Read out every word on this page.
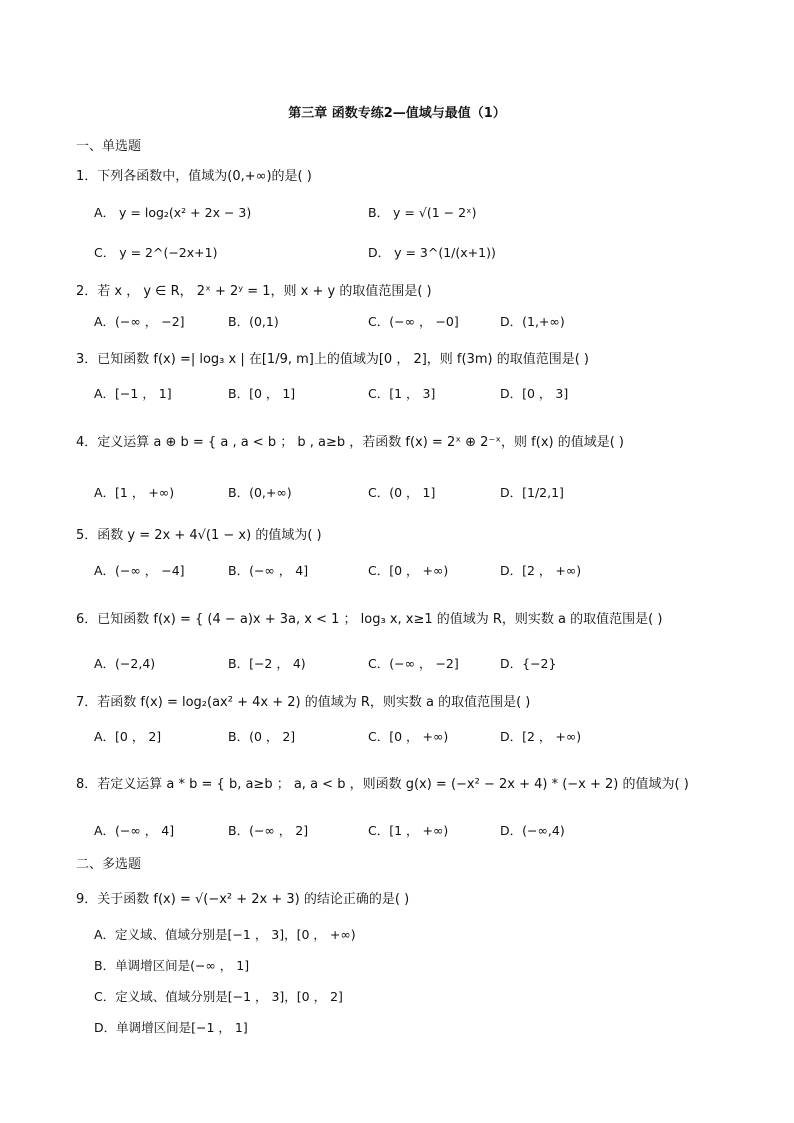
第三章 函数专练2—值域与最值（1）
一、单选题
1．下列各函数中，值域为(0,+∞)的是( )
A． y = log₂(x² + 2x − 3)	B． y = √(1 − 2ˣ)
C． y = 2^(−2x+1)	D． y = 3^(1/(x+1))
2．若 x ， y ∈ R， 2ˣ + 2ʸ = 1，则 x + y 的取值范围是( )
A．(−∞ ， −2]	B．(0,1)	C．(−∞ ， −0]	D．(1,+∞)
3．已知函数 f(x) =| log₃ x | 在[1/9, m]上的值域为[0 ， 2]，则 f(3m) 的取值范围是( )
A．[−1 ， 1]	B．[0 ， 1]	C．[1 ， 3]	D．[0 ， 3]
4．定义运算 a ⊕ b = { a , a < b ； b , a≥b ，若函数 f(x) = 2ˣ ⊕ 2⁻ˣ，则 f(x) 的值域是( )
A．[1 ， +∞)	B．(0,+∞)	C．(0 ， 1]	D．[1/2,1]
5．函数 y = 2x + 4√(1 − x) 的值域为( )
A．(−∞ ， −4]	B．(−∞ ， 4]	C．[0 ， +∞)	D．[2 ， +∞)
6．已知函数 f(x) = { (4 − a)x + 3a, x < 1 ； log₃ x, x≥1 的值域为 R，则实数 a 的取值范围是( )
A．(−2,4)	B．[−2 ， 4)	C．(−∞ ， −2]	D．{−2}
7．若函数 f(x) = log₂(ax² + 4x + 2) 的值域为 R，则实数 a 的取值范围是( )
A．[0 ， 2]	B．(0 ， 2]	C．[0 ， +∞)	D．[2 ， +∞)
8．若定义运算 a * b = { b, a≥b ； a, a < b ，则函数 g(x) = (−x² − 2x + 4) * (−x + 2) 的值域为( )
A．(−∞ ， 4]	B．(−∞ ， 2]	C．[1 ， +∞)	D．(−∞,4)
二、多选题
9．关于函数 f(x) = √(−x² + 2x + 3) 的结论正确的是( )
A．定义域、值域分别是[−1 ， 3]，[0 ， +∞)
B．单调增区间是(−∞ ， 1]
C．定义域、值域分别是[−1 ， 3]，[0 ， 2]
D．单调增区间是[−1 ， 1]
